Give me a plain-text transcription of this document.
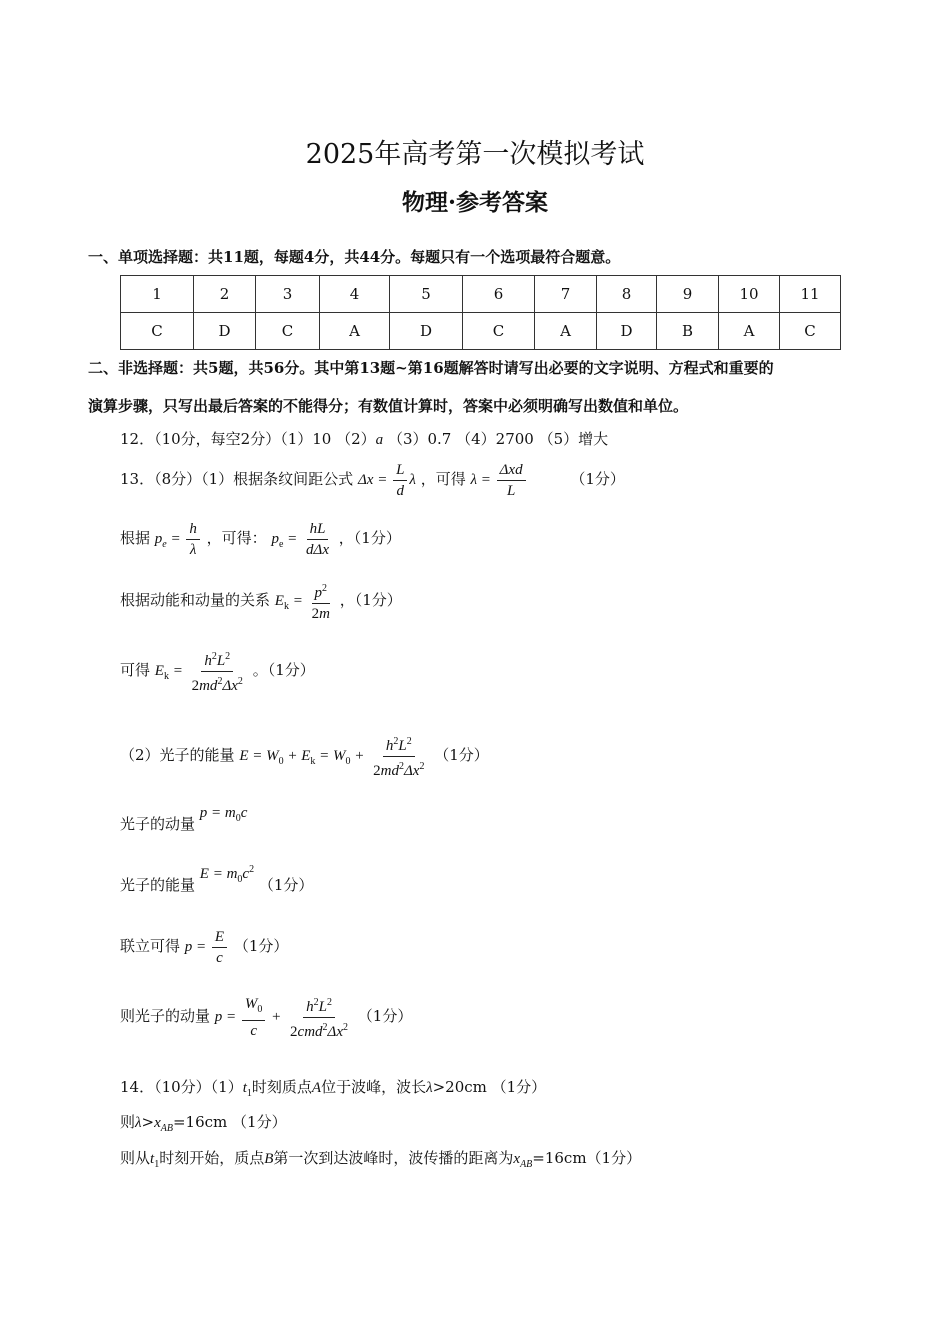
2025年高考第一次模拟考试
物理·参考答案
一、单项选择题：共11题，每题4分，共44分。每题只有一个选项最符合题意。
1	2	3	4	5	6	7	8	9	10	11
C	D	C	A	D	C	A	D	B	A	C
二、非选择题：共5题，共56分。其中第13题~第16题解答时请写出必要的文字说明、方程式和重要的
演算步骤，只写出最后答案的不能得分；有数值计算时，答案中必须明确写出数值和单位。
12．（10分，每空2分）（1）10 （2）a （3）0.7 （4）2700 （5）增大
13．（8分）（1）根据条纹间距公式 $\Delta x = \frac{L}{d}$ λ ，可得 $\lambda = \frac{\text{Δxd}}{L}$	（1分）
根据 $p_e = \frac{h}{\lambda}$ ，可得： $p_e = \frac{hL}{\text{dΔx}}$ ，（1分）
根据动能和动量的关系 $E_k = \frac{p^2}{2m}$ ，（1分）
可得 $E_k = \frac{h^2L^2}{2md^2\Delta x^2}$ 。（1分）
（2）光子的能量 $E = W_0 + E_k = W_0 + \frac{h^2L^2}{2md^2\Delta x^2} (1$分）
光子的动量 $p = m_0c$
光子的能量 $E = m_0c^2$ （1分）
联立可得 $p = \frac{E}{c} (1$分）
则光子的动量 $p = \frac{W_0}{c} + \frac{h^2L^2}{2cmd^2\Delta x^2} (1$分）
14．（10分）$(1)t_1$时刻质点A位于波峰，波长λ>20cm （1分）
则$\lambda>x_{AB}=16cm$ （1分）
则从$t_1$时刻开始，质点B第一次到达波峰时，波传播的距离为$x_{AB}=16cm(1$分）
